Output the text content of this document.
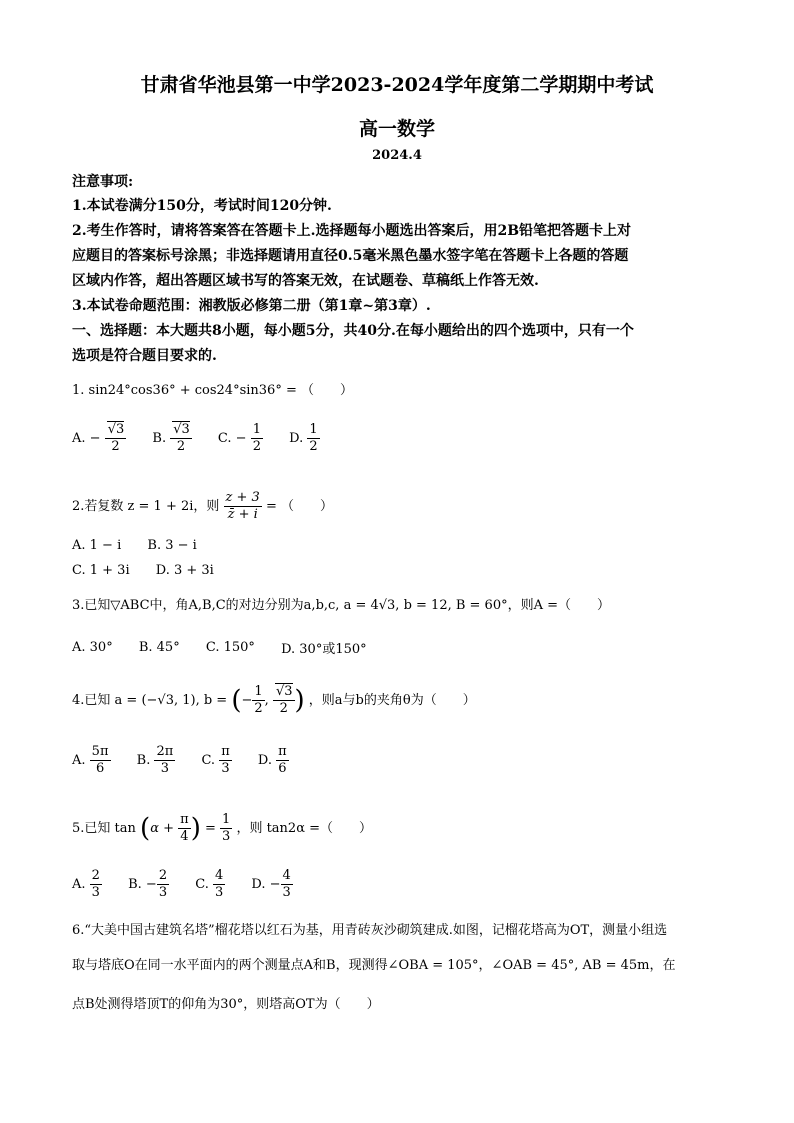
甘肃省华池县第一中学2023-2024学年度第二学期期中考试
高一数学
2024.4
注意事项:
1.本试卷满分150分，考试时间120分钟.
2.考生作答时，请将答案答在答题卡上.选择题每小题选出答案后，用2B铅笔把答题卡上对
应题目的答案标号涂黑；非选择题请用直径0.5毫米黑色墨水签字笔在答题卡上各题的答题
区域内作答，超出答题区域书写的答案无效，在试题卷、草稿纸上作答无效.
3.本试卷命题范围：湘教版必修第二册（第1章~第3章）.
一、选择题：本大题共8小题，每小题5分，共40分.在每小题给出的四个选项中，只有一个
选项是符合题目要求的.
1. sin24°cos36° + cos24°sin36° = （　　）
A. − $\frac{√3}{2} B$. $\frac{√3}{2} C$. − $\frac{1}{2} D$. $\frac{1}{2}$
2.若复数 z = 1 + 2i，则 $\frac{z + 3}{z̄ + i}$ = （　　）
A. 1 − i B. 3 − i
C. 1 + 3i D. 3 + 3i
3.已知▽ABC中，角A,B,C的对边分别为a,b,c, a = 4√3, b = 12, B = 60°，则A =（　　）
A. 30° B. 45° C. 150° D. 30°或150°
4.已知 a = (−√3, 1), b = (− $\frac{1}{2}$ , $\frac{√3}{2}$ ) ，则a与b的夹角θ为（　　）
A. $\frac{5\pi}{6} B$. $\frac{2\pi}{3} C$. $\frac{\pi}{3} D$. $\frac{\pi}{6}$
5.已知 $\tan (\alpha + \frac{\pi}{4}$ ) = $\frac{1}{3}$ ，则 tan2α =（　　）
A. $\frac{2}{3} B$. − $\frac{2}{3} C$. $\frac{4}{3} D$. − $\frac{4}{3}$
6.“大美中国古建筑名塔”榴花塔以红石为基，用青砖灰沙砌筑建成.如图，记榴花塔高为OT，测量小组选
取与塔底O在同一水平面内的两个测量点A和B，现测得∠OBA = 105°，∠OAB = 45°, AB = 45m，在
点B处测得塔顶T的仰角为30°，则塔高OT为（　　）
